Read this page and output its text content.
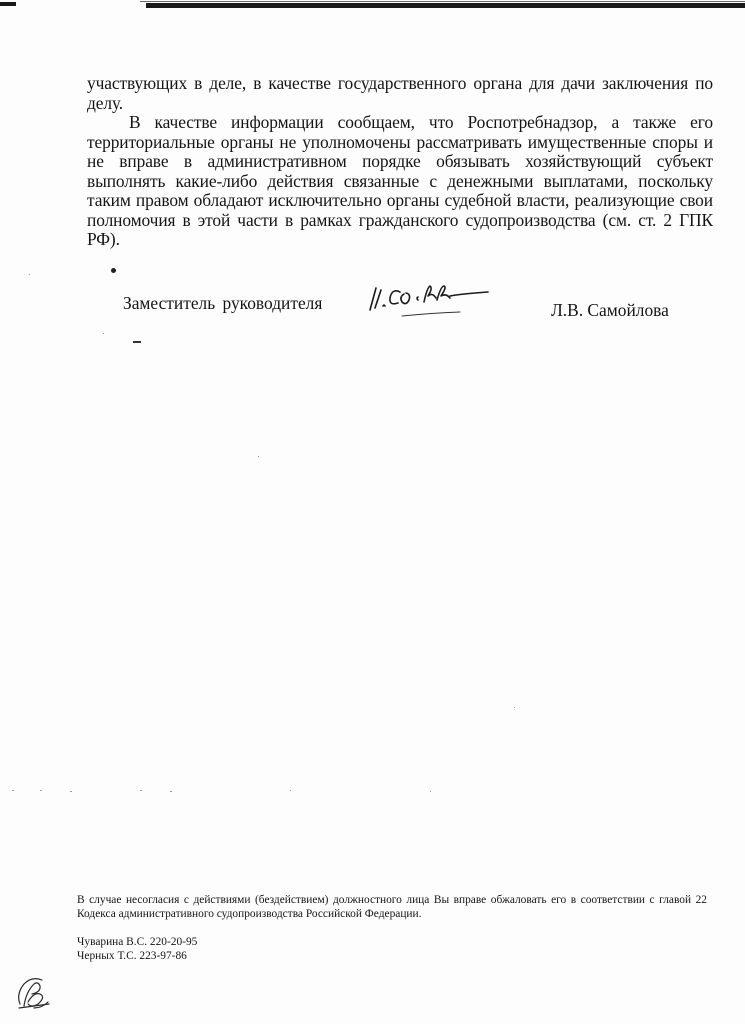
участвующих в деле, в качестве государственного органа для дачи заключения по делу.

В качестве информации сообщаем, что Роспотребнадзор, а также его территориальные органы не уполномочены рассматривать имущественные споры и не вправе в административном порядке обязывать хозяйствующий субъект выполнять какие-либо действия связанные с денежными выплатами, поскольку таким правом обладают исключительно органы судебной власти, реализующие свои полномочия в этой части в рамках гражданского судопроизводства (см. ст. 2 ГПК РФ).

Заместитель руководителя	Л.В. Самойлова
В случае несогласия с действиями (бездействием) должностного лица Вы вправе обжаловать его в соответствии с главой 22 Кодекса административного судопроизводства Российской Федерации.
Чуварина В.С. 220-20-95
Черных Т.С. 223-97-86
